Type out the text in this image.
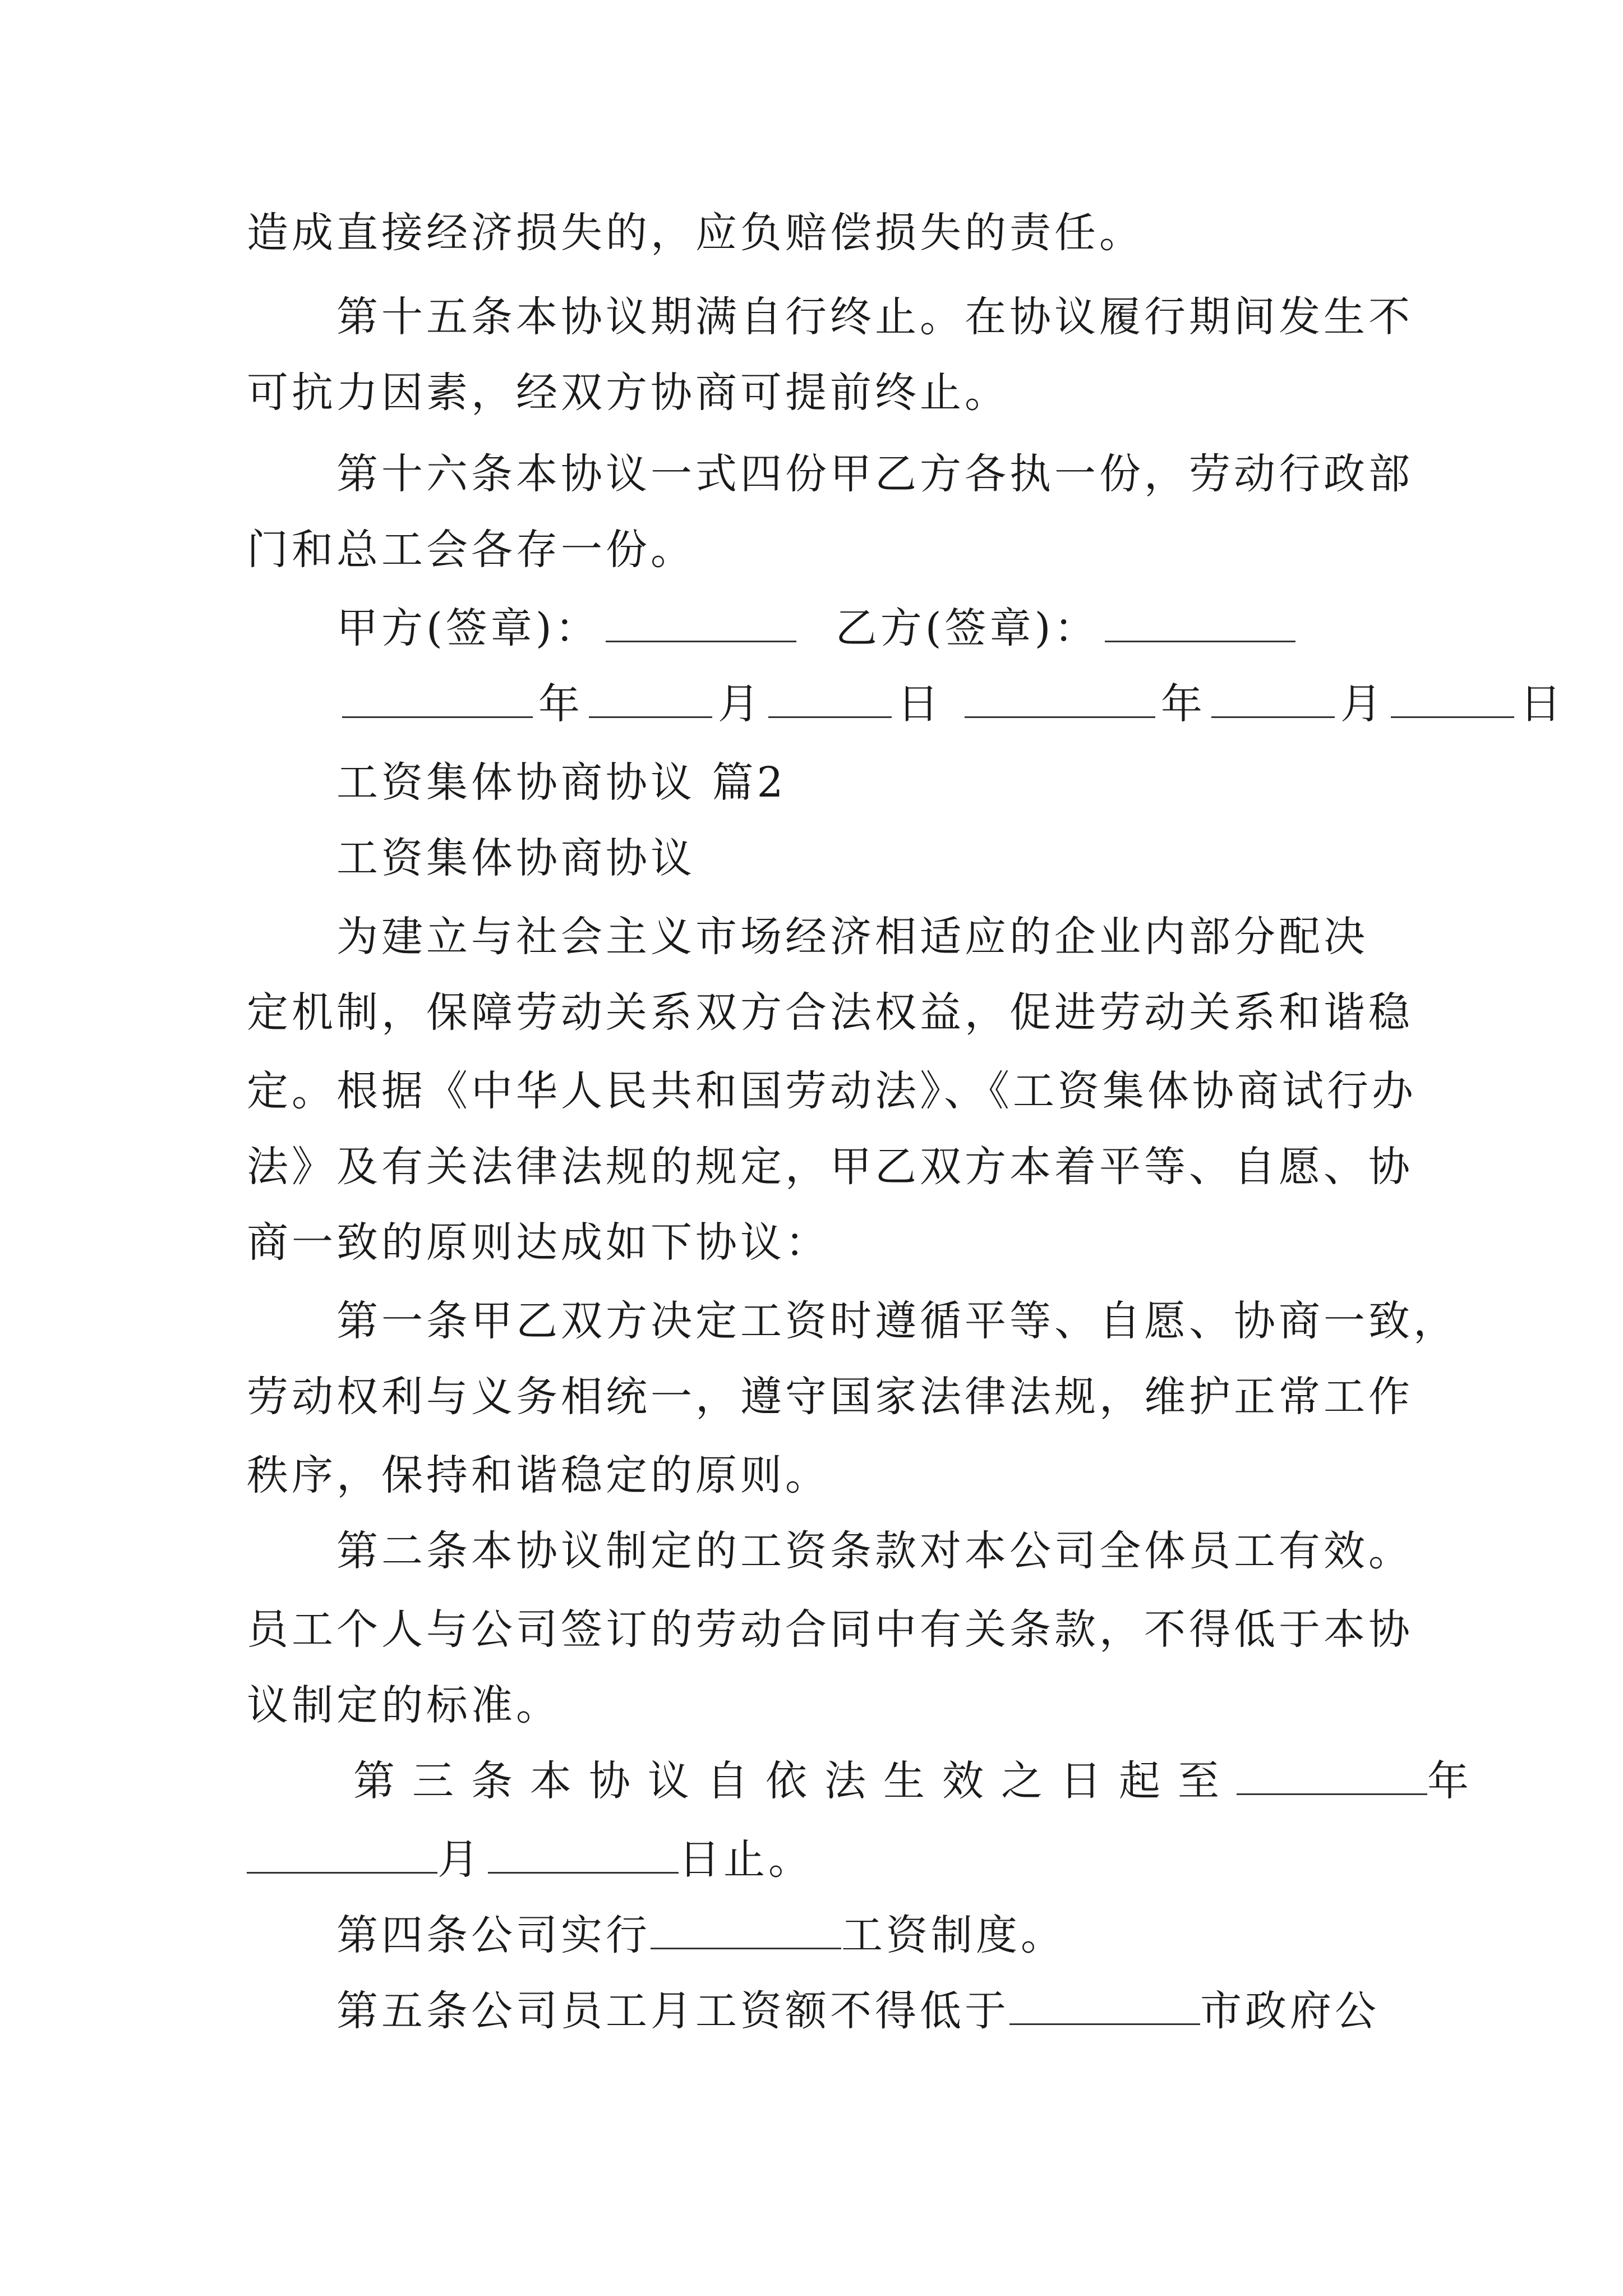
造成直接经济损失的，应负赔偿损失的责任。
第十五条本协议期满自行终止。在协议履行期间发生不
可抗力因素，经双方协商可提前终止。
第十六条本协议一式四份甲乙方各执一份，劳动行政部
门和总工会各存一份。
甲方(签章)：	乙方(签章)：
年	月	日	年	月	日
工资集体协商协议 篇2
工资集体协商协议
为建立与社会主义市场经济相适应的企业内部分配决
定机制，保障劳动关系双方合法权益，促进劳动关系和谐稳
定。根据《中华人民共和国劳动法》、《工资集体协商试行办
法》及有关法律法规的规定，甲乙双方本着平等、自愿、协
商一致的原则达成如下协议：
第一条甲乙双方决定工资时遵循平等、自愿、协商一致，
劳动权利与义务相统一，遵守国家法律法规，维护正常工作
秩序，保持和谐稳定的原则。
第二条本协议制定的工资条款对本公司全体员工有效。
员工个人与公司签订的劳动合同中有关条款，不得低于本协
议制定的标准。
第三条本协议自依法生效之日起至	年
月	日止。
第四条公司实行	工资制度。
第五条公司员工月工资额不得低于	市政府公
